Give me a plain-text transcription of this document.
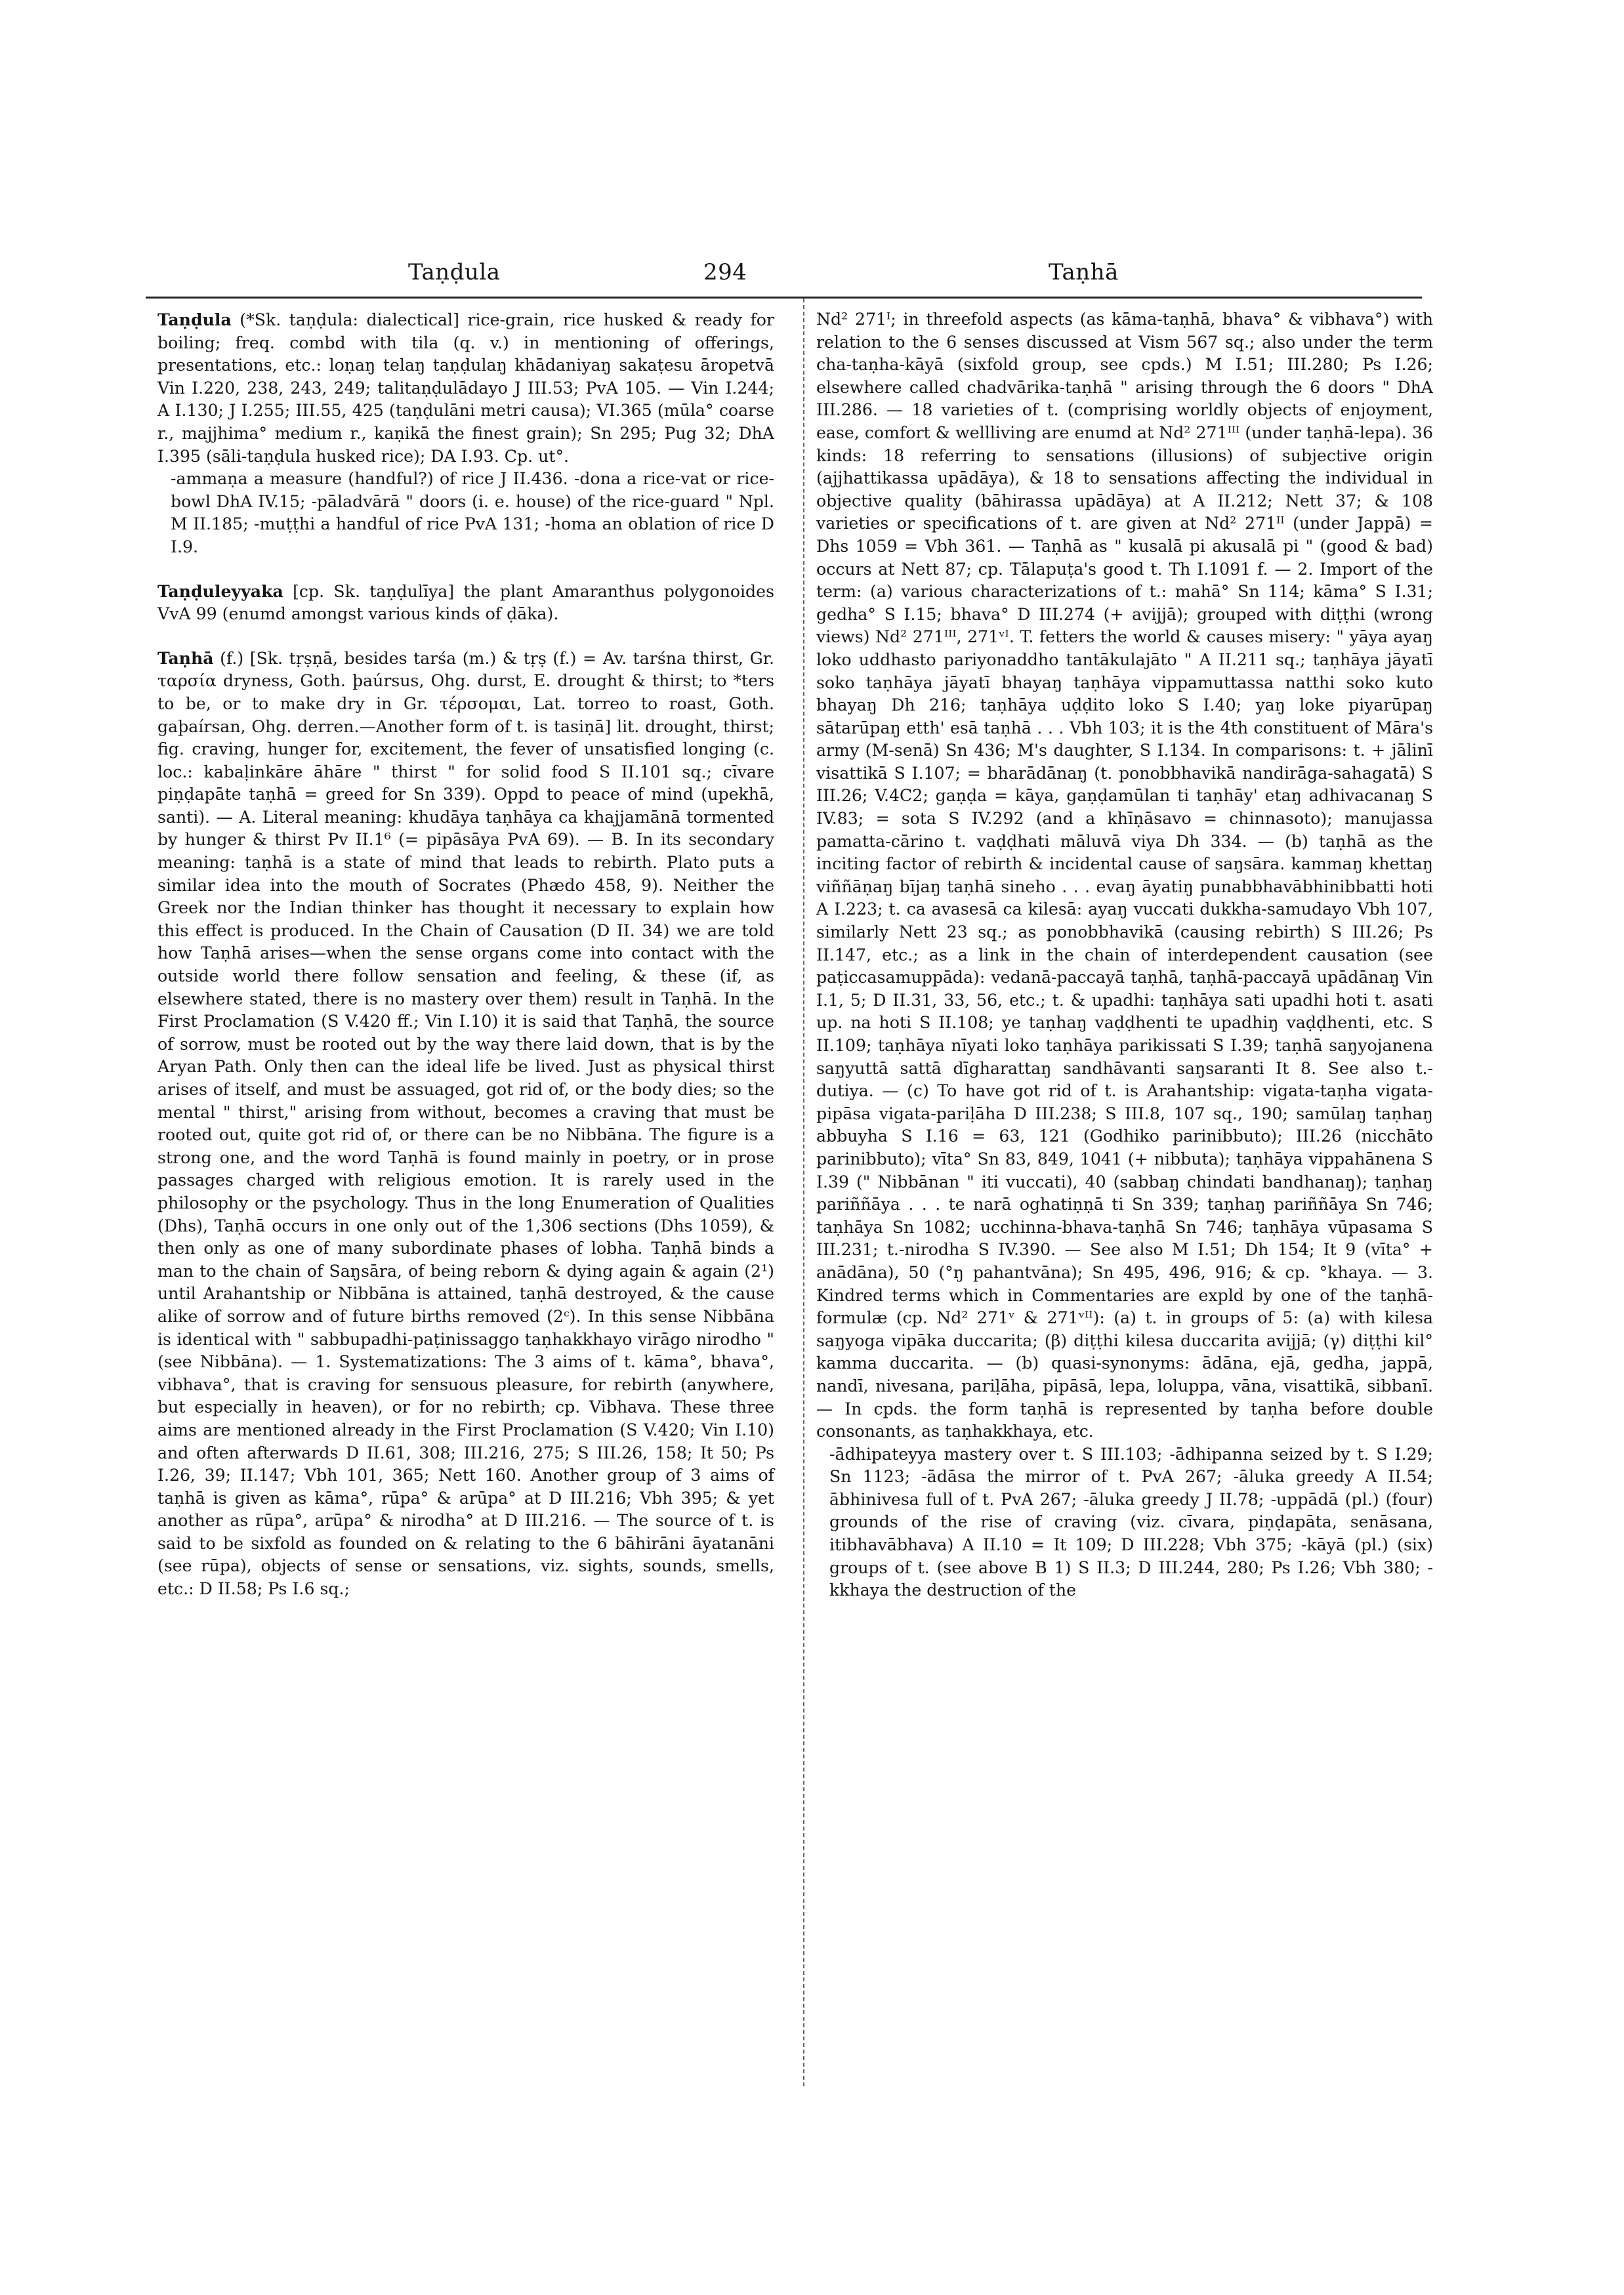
Taṇḍula	294	Taṇhā

Taṇḍula (*Sk. taṇḍula: dialectical] rice-grain, rice husked & ready for boiling; freq. combd with tila (q. v.) in mentioning of offerings, presentations, etc.: loṇaŋ telaŋ taṇḍulaŋ khādaniyaŋ sakaṭesu āropetvā Vin I.220, 238, 243, 249; talitaṇḍulādayo J III.53; PvA 105. — Vin I.244; A I.130; J I.255; III.55, 425 (taṇḍulāni metri causa); VI.365 (mūla° coarse r., majjhima° medium r., kaṇikā the finest grain); Sn 295; Pug 32; DhA I.395 (sāli-taṇḍula husked rice); DA I.93. Cp. ut°.

-ammaṇa a measure (handful?) of rice J II.436. -dona a rice-vat or rice-bowl DhA IV.15; -pāladvārā " doors (i. e. house) of the rice-guard " Npl. M II.185; -muṭṭhi a handful of rice PvA 131; -homa an oblation of rice D I.9.

Taṇḍuleyyaka [cp. Sk. taṇḍulīya] the plant Amaranthus polygonoides VvA 99 (enumd amongst various kinds of ḍāka).

Taṇhā (f.) [Sk. tṛṣṇā, besides tarśa (m.) & tṛṣ (f.) = Av. tarśna thirst, Gr. ταρσία dryness, Goth. þaúrsus, Ohg. durst, E. drought & thirst; to *ters to be, or to make dry in Gr. τέρσομαι, Lat. torreo to roast, Goth. gaþaírsan, Ohg. derren.—Another form of t. is tasiṇā] lit. drought, thirst; fig. craving, hunger for, excitement, the fever of unsatisfied longing (c. loc.: kabaḷinkāre āhāre " thirst " for solid food S II.101 sq.; cīvare piṇḍapāte taṇhā = greed for Sn 339). Oppd to peace of mind (upekhā, santi). — A. Literal meaning: khudāya taṇhāya ca khajjamānā tormented by hunger & thirst Pv II.1⁶ (= pipāsāya PvA 69). — B. In its secondary meaning: taṇhā is a state of mind that leads to rebirth. Plato puts a similar idea into the mouth of Socrates (Phædo 458, 9). Neither the Greek nor the Indian thinker has thought it necessary to explain how this effect is produced. In the Chain of Causation (D II. 34) we are told how Taṇhā arises—when the sense organs come into contact with the outside world there follow sensation and feeling, & these (if, as elsewhere stated, there is no mastery over them) result in Taṇhā. In the First Proclamation (S V.420 ff.; Vin I.10) it is said that Taṇhā, the source of sorrow, must be rooted out by the way there laid down, that is by the Aryan Path. Only then can the ideal life be lived. Just as physical thirst arises of itself, and must be assuaged, got rid of, or the body dies; so the mental " thirst," arising from without, becomes a craving that must be rooted out, quite got rid of, or there can be no Nibbāna. The figure is a strong one, and the word Taṇhā is found mainly in poetry, or in prose passages charged with religious emotion. It is rarely used in the philosophy or the psychology. Thus in the long Enumeration of Qualities (Dhs), Taṇhā occurs in one only out of the 1,306 sections (Dhs 1059), & then only as one of many subordinate phases of lobha. Taṇhā binds a man to the chain of Saŋsāra, of being reborn & dying again & again (2¹) until Arahantship or Nibbāna is attained, taṇhā destroyed, & the cause alike of sorrow and of future births removed (2ᶜ). In this sense Nibbāna is identical with " sabbupadhi-paṭinissaggo taṇhakkhayo virāgo nirodho " (see Nibbāna). — 1. Systematizations: The 3 aims of t. kāma°, bhava°, vibhava°, that is craving for sensuous pleasure, for rebirth (anywhere, but especially in heaven), or for no rebirth; cp. Vibhava. These three aims are mentioned already in the First Proclamation (S V.420; Vin I.10) and often afterwards D II.61, 308; III.216, 275; S III.26, 158; It 50; Ps I.26, 39; II.147; Vbh 101, 365; Nett 160. Another group of 3 aims of taṇhā is given as kāma°, rūpa° & arūpa° at D III.216; Vbh 395; & yet another as rūpa°, arūpa° & nirodha° at D III.216. — The source of t. is said to be sixfold as founded on & relating to the 6 bāhirāni āyatanāni (see rūpa), objects of sense or sensations, viz. sights, sounds, smells, etc.: D II.58; Ps I.6 sq.;

Nd² 271ᴵ; in threefold aspects (as kāma-taṇhā, bhava° & vibhava°) with relation to the 6 senses discussed at Vism 567 sq.; also under the term cha-taṇha-kāyā (sixfold group, see cpds.) M I.51; III.280; Ps I.26; elsewhere called chadvārika-taṇhā " arising through the 6 doors " DhA III.286. — 18 varieties of t. (comprising worldly objects of enjoyment, ease, comfort & wellliving are enumd at Nd² 271ᴵᴵᴵ (under taṇhā-lepa). 36 kinds: 18 referring to sensations (illusions) of subjective origin (ajjhattikassa upādāya), & 18 to sensations affecting the individual in objective quality (bāhirassa upādāya) at A II.212; Nett 37; & 108 varieties or specifications of t. are given at Nd² 271ᴵᴵ (under Jappā) = Dhs 1059 = Vbh 361. — Taṇhā as " kusalā pi akusalā pi " (good & bad) occurs at Nett 87; cp. Tālapuṭa's good t. Th I.1091 f. — 2. Import of the term: (a) various characterizations of t.: mahā° Sn 114; kāma° S I.31; gedha° S I.15; bhava° D III.274 (+ avijjā); grouped with diṭṭhi (wrong views) Nd² 271ᴵᴵᴵ, 271ᵛᴵ. T. fetters the world & causes misery: " yāya ayaŋ loko uddhasto pariyonaddho tantākulajāto " A II.211 sq.; taṇhāya jāyatī soko taṇhāya jāyatī bhayaŋ taṇhāya vippamuttassa natthi soko kuto bhayaŋ Dh 216; taṇhāya uḍḍito loko S I.40; yaŋ loke piyarūpaŋ sātarūpaŋ etth' esā taṇhā . . . Vbh 103; it is the 4th constituent of Māra's army (M-senā) Sn 436; M's daughter, S I.134. In comparisons: t. + jālinī visattikā S I.107; = bharādānaŋ (t. ponobbhavikā nandirāga-sahagatā) S III.26; V.4C2; gaṇḍa = kāya, gaṇḍamūlan ti taṇhāy' etaŋ adhivacanaŋ S IV.83; = sota S IV.292 (and a khīṇāsavo = chinnasoto); manujassa pamatta-cārino t. vaḍḍhati māluvā viya Dh 334. — (b) taṇhā as the inciting factor of rebirth & incidental cause of saŋsāra. kammaŋ khettaŋ viññāṇaŋ bījaŋ taṇhā sineho . . . evaŋ āyatiŋ punabbhavābhinibbatti hoti A I.223; t. ca avasesā ca kilesā: ayaŋ vuccati dukkha-samudayo Vbh 107, similarly Nett 23 sq.; as ponobbhavikā (causing rebirth) S III.26; Ps II.147, etc.; as a link in the chain of interdependent causation (see paṭiccasamuppāda): vedanā-paccayā taṇhā, taṇhā-paccayā upādānaŋ Vin I.1, 5; D II.31, 33, 56, etc.; t. & upadhi: taṇhāya sati upadhi hoti t. asati up. na hoti S II.108; ye taṇhaŋ vaḍḍhenti te upadhiŋ vaḍḍhenti, etc. S II.109; taṇhāya nīyati loko taṇhāya parikissati S I.39; taṇhā saŋyojanena saŋyuttā sattā dīgharattaŋ sandhāvanti saŋsaranti It 8. See also t.-dutiya. — (c) To have got rid of t. is Arahantship: vigata-taṇha vigata-pipāsa vigata-pariḷāha D III.238; S III.8, 107 sq., 190; samūlaŋ taṇhaŋ abbuyha S I.16 = 63, 121 (Godhiko parinibbuto); III.26 (nicchāto parinibbuto); vīta° Sn 83, 849, 1041 (+ nibbuta); taṇhāya vippahānena S I.39 (" Nibbānan " iti vuccati), 40 (sabbaŋ chindati bandhanaŋ); taṇhaŋ pariññāya . . . te narā oghatiṇṇā ti Sn 339; taṇhaŋ pariññāya Sn 746; taṇhāya Sn 1082; ucchinna-bhava-taṇhā Sn 746; taṇhāya vūpasama S III.231; t.-nirodha S IV.390. — See also M I.51; Dh 154; It 9 (vīta° + anādāna), 50 (°ŋ pahantvāna); Sn 495, 496, 916; & cp. °khaya. — 3. Kindred terms which in Commentaries are expld by one of the taṇhā-formulæ (cp. Nd² 271ᵛ & 271ᵛᴵᴵ): (a) t. in groups of 5: (a) with kilesa saŋyoga vipāka duccarita; (β) diṭṭhi kilesa duccarita avijjā; (γ) diṭṭhi kil° kamma duccarita. — (b) quasi-synonyms: ādāna, ejā, gedha, jappā, nandī, nivesana, pariḷāha, pipāsā, lepa, loluppa, vāna, visattikā, sibbanī. — In cpds. the form taṇhā is represented by taṇha before double consonants, as taṇhakkhaya, etc.

-ādhipateyya mastery over t. S III.103; -ādhipanna seized by t. S I.29; Sn 1123; -ādāsa the mirror of t. PvA 267; -āluka greedy A II.54; ābhinivesa full of t. PvA 267; -āluka greedy J II.78; -uppādā (pl.) (four) grounds of the rise of craving (viz. cīvara, piṇḍapāta, senāsana, itibhavābhava) A II.10 = It 109; D III.228; Vbh 375; -kāyā (pl.) (six) groups of t. (see above B 1) S II.3; D III.244, 280; Ps I.26; Vbh 380; -kkhaya the destruction of the
